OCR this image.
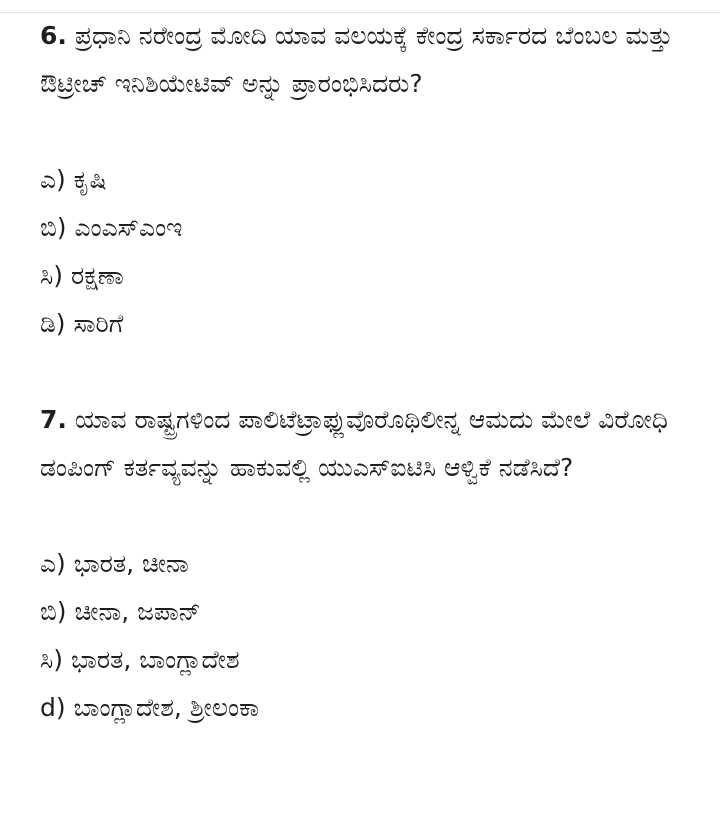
6. ಪ್ರಧಾನಿ ನರೇಂದ್ರ ಮೋದಿ ಯಾವ ವಲಯಕ್ಕೆ ಕೇಂದ್ರ ಸರ್ಕಾರದ ಬೆಂಬಲ ಮತ್ತು ಔಟ್ರೀಚ್ ಇನಿಶಿಯೇಟಿವ್ ಅನ್ನು ಪ್ರಾರಂಭಿಸಿದರು?

ಎ) ಕೃಷಿ
ಬಿ) ಎಂಎಸ್‌ಎಂಇ
ಸಿ) ರಕ್ಷಣಾ
ಡಿ) ಸಾರಿಗೆ

7. ಯಾವ ರಾಷ್ಟ್ರಗಳಿಂದ ಪಾಲಿಟೆಟ್ರಾಫ್ಲುವೊರೊಥಿಲೀನ್ನ ಆಮದು ಮೇಲೆ ವಿರೋಧಿ ಡಂಪಿಂಗ್ ಕರ್ತವ್ಯವನ್ನು ಹಾಕುವಲ್ಲಿ ಯುಎಸ್ಐಟಿಸಿ ಆಳ್ವಿಕೆ ನಡೆಸಿದೆ?

ಎ) ಭಾರತ, ಚೀನಾ
ಬಿ) ಚೀನಾ, ಜಪಾನ್
ಸಿ) ಭಾರತ, ಬಾಂಗ್ಲಾದೇಶ
d) ಬಾಂಗ್ಲಾದೇಶ, ಶ್ರೀಲಂಕಾ
